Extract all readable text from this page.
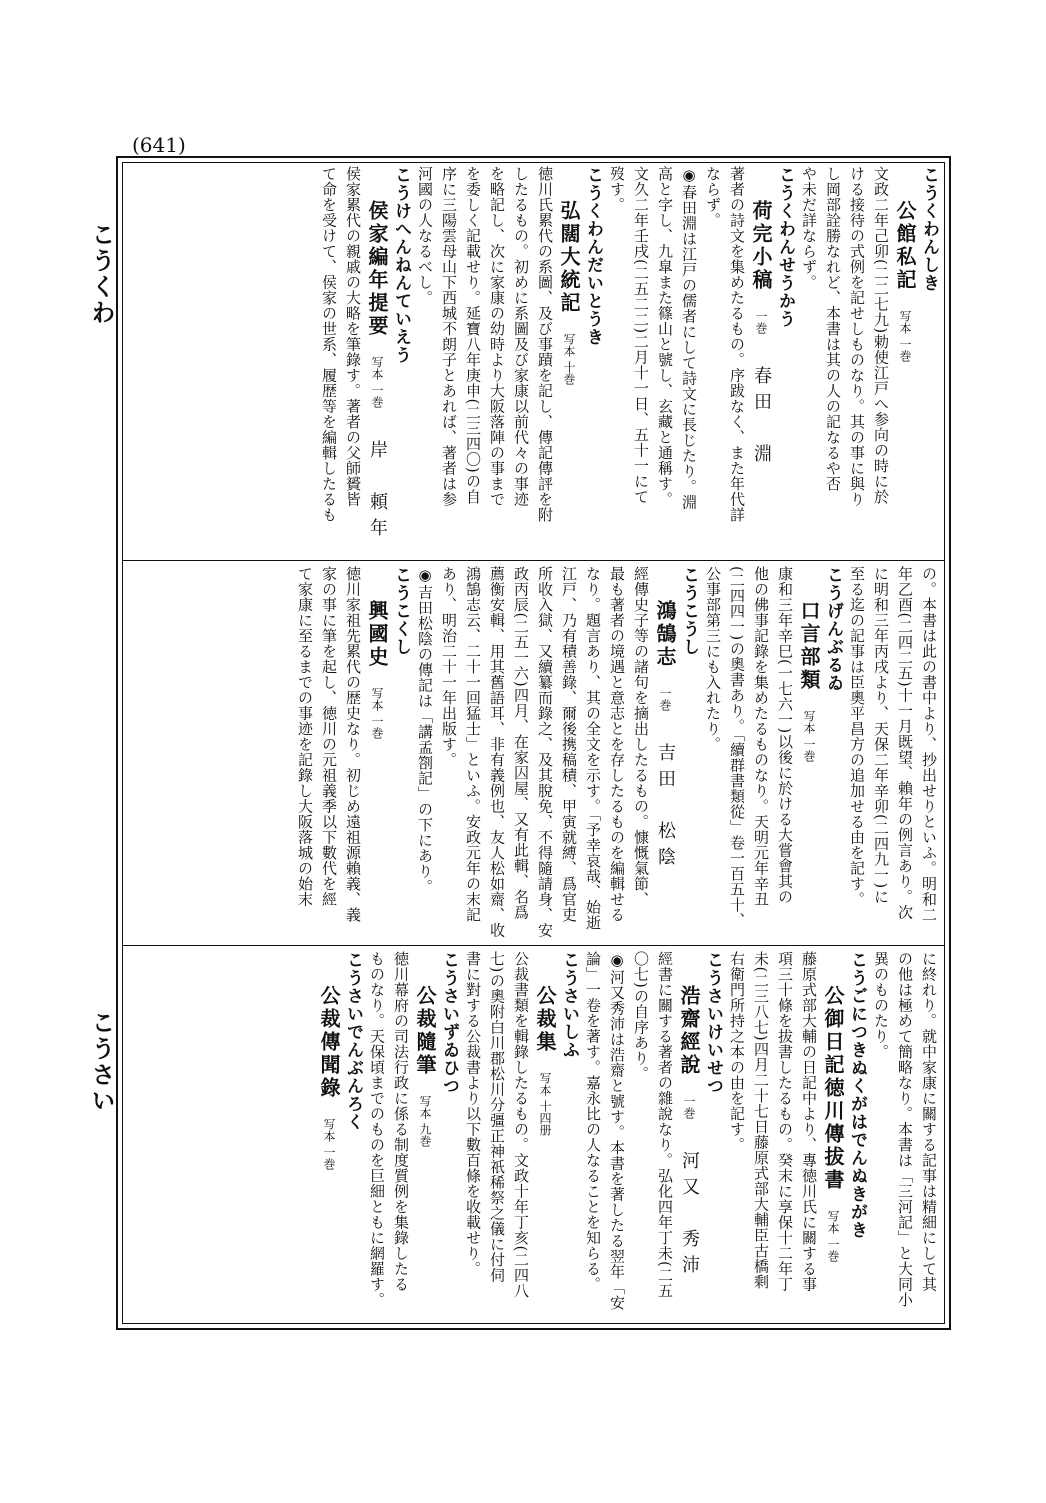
(641)
こうくわ
こうさい
こうくわんしき
公館私記写本 一巻
文政二年己卯(二二七九)勅使江戸へ参向の時に於
ける接待の式例を記せしものなり。其の事に與り
し岡部詮勝なれど、本書は其の人の記なるや否
や未だ詳ならず。
こうくわんせうかう
荷完小稿一巻春田　淵
著者の詩文を集めたるもの。序跋なく、また年代詳
ならず。
◉春田淵は江戸の儒者にして詩文に長じたり。淵
高と字し、九皐また篠山と號し、玄藏と通稱す。
文久二年壬戌(二五二二)二月十一日、五十一にて
歿す。
こうくわんだいとうき
弘闊大統記写本 十巻
徳川氏累代の系圖、及び事蹟を記し、傳記傳評を附
したるもの。初めに系圖及び家康以前代々の事迹
を略記し、次に家康の幼時より大阪落陣の事まで
を委しく記載せり。延寶八年庚申(二三四〇)の自
序に三陽雲母山下西城不朗子とあれば、著者は参
河國の人なるべし。
こうけへんねんていえう
侯家編年提要写本 一巻岸　頼年
侯家累代の親戚の大略を筆錄す。著者の父師贇皆
て命を受けて、侯家の世系、履歴等を編輯したるも
の。本書は此の書中より、抄出せりといふ。明和二
年乙酉(二四二五)十一月既望、賴年の例言あり。次
に明和三年丙戌より、天保二年辛卯(二四九一)に
至る迄の記事は臣奧平昌方の追加せる由を記す。
こうげんぶるゐ
口言部類写本 一巻
康和三年辛巳(一七六一)以後に於ける大嘗會其の
他の佛事記錄を集めたるものなり。天明元年辛丑
(二四四一)の奧書あり。「續群書類從」卷一百五十、
公事部第三にも入れたり。
こうこうし
鴻鵠志一巻吉田　松陰
經傳史子等の諸句を摘出したるもの。慷慨氣節、
最も著者の境遇と意志とを存したるものを編輯せる
なり。題言あり、其の全文を示す。「予幸哀哉、始逝
江戸、乃有積善錄、爾後携稿積、甲寅就縛、爲官吏
所收入獄、又續纂而錄之、及其脫免、不得隨請身、安
政丙辰(二五一六)四月、在家囚屋、又有此輯、名爲
薦衡安輯、用其舊語耳、非有義例也、友人松如齋、收
鴻鵠志云、二十一回猛士」といふ。安政元年の末記
あり、明治二十一年出版す。
◉吉田松陰の傳記は「講孟劄記」の下にあり。
こうこくし
興國史写本 一巻
徳川家祖先累代の歴史なり。初じめ遠祖源賴義、義
家の事に筆を起し、徳川の元祖義季以下數代を經
て家康に至るまでの事迹を記錄し大阪落城の始末
に終れり。就中家康に關する記事は精細にして其
の他は極めて簡略なり。本書は「三河記」と大同小
異のものたり。
こうごにつきぬくがはでんぬきがき
公御日記徳川傳拔書写本 一巻
藤原式部大輔の日記中より、專徳川氏に關する事
項三十條を拔書したるもの。癸末に享保十二年丁
未(二三八七)四月二十七日藤原式部大輔臣古橋剩
右衛門所持之本の由を記す。
こうさいけいせつ
浩齋經說一巻河又　秀沛
經書に關する著者の雜說なり。弘化四年丁未(二五
〇七)の自序あり。
◉河又秀沛は浩齋と號す。本書を著したる翌年「安
論」一卷を著す。嘉永比の人なることを知らる。
こうさいしふ
公裁集写本 十四册
公裁書類を輯錄したるもの。文政十年丁亥(二四八
七)の奧附白川郡松川分彊正神祇稀祭之儀に付伺
書に對する公裁書より以下數百條を收載せり。
こうさいずゐひつ
公裁隨筆写本 九巻
徳川幕府の司法行政に係る制度質例を集錄したる
ものなり。天保頃までのものを巨細ともに網羅す。
こうさいでんぶんろく
公裁傳聞錄写本 一巻
